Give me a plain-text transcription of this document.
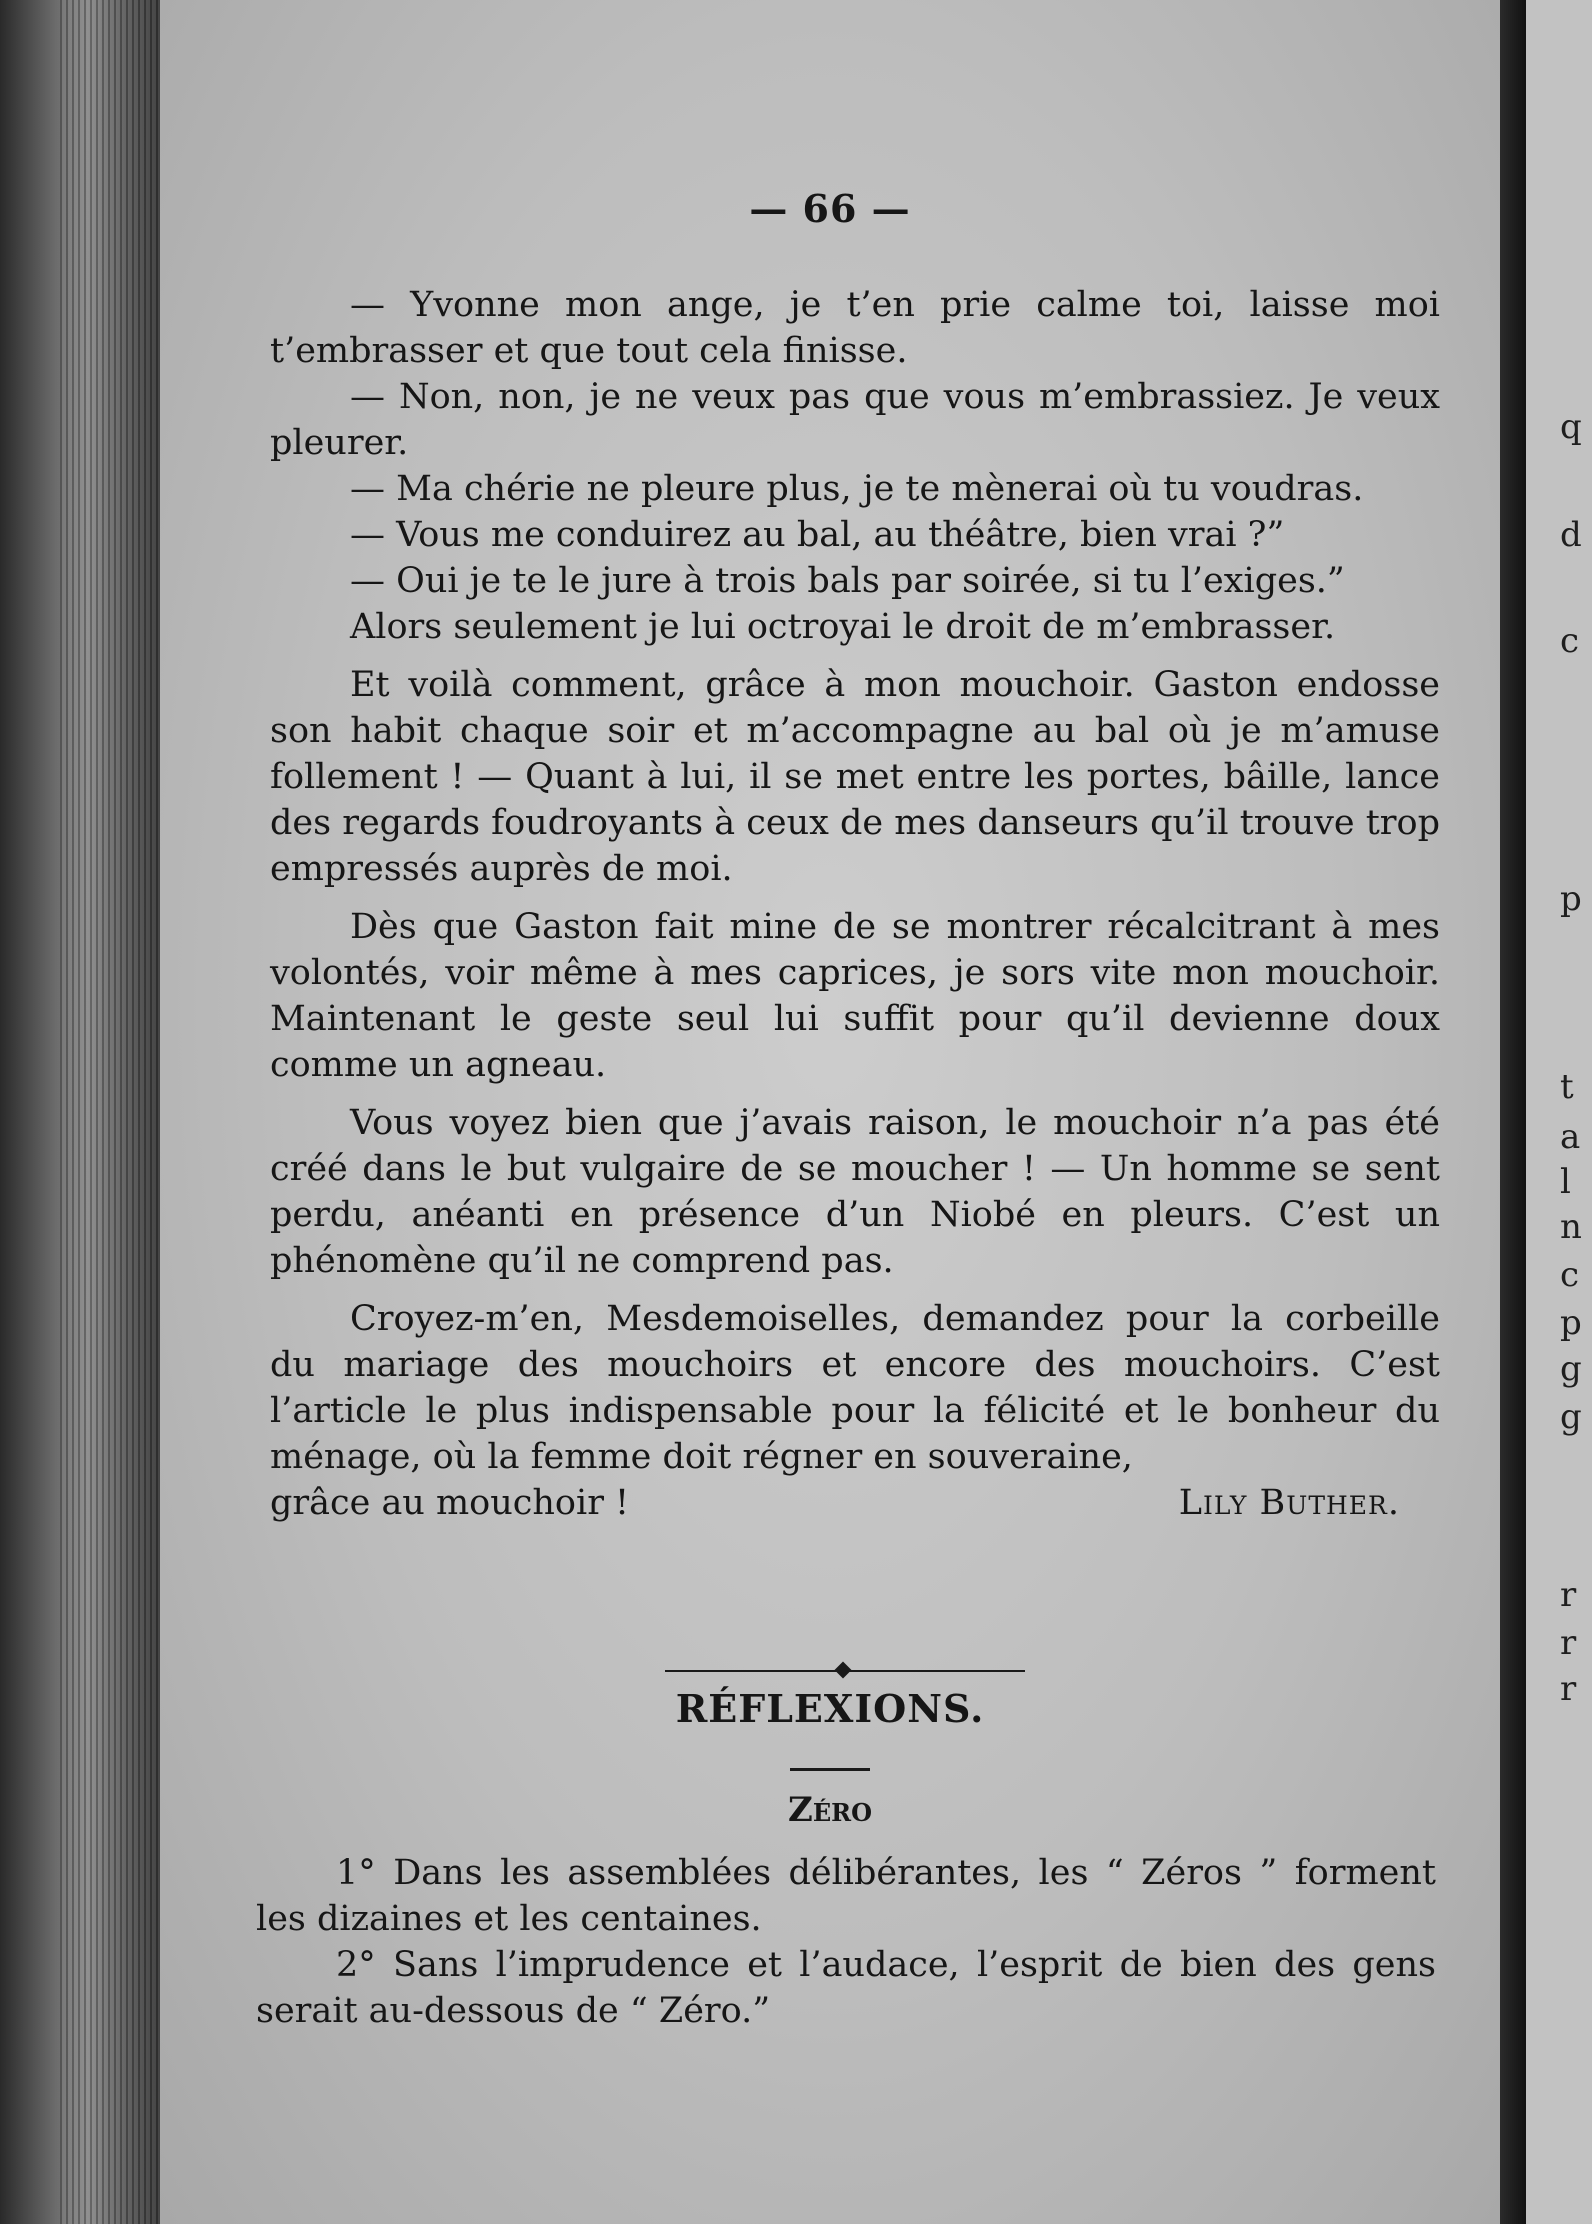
— 66 —

— Yvonne mon ange, je t’en prie calme toi, laisse moi t’embrasser et que tout cela finisse.

— Non, non, je ne veux pas que vous m’embrassiez. Je veux pleurer.

— Ma chérie ne pleure plus, je te mènerai où tu voudras.

— Vous me conduirez au bal, au théâtre, bien vrai ?”

— Oui je te le jure à trois bals par soirée, si tu l’exiges.”

Alors seulement je lui octroyai le droit de m’embrasser.

Et voilà comment, grâce à mon mouchoir. Gaston endosse son habit chaque soir et m’accompagne au bal où je m’amuse follement ! — Quant à lui, il se met entre les portes, bâille, lance des regards foudroyants à ceux de mes danseurs qu’il trouve trop empressés auprès de moi.

Dès que Gaston fait mine de se montrer récalcitrant à mes volontés, voir même à mes caprices, je sors vite mon mouchoir. Maintenant le geste seul lui suffit pour qu’il devienne doux comme un agneau.

Vous voyez bien que j’avais raison, le mouchoir n’a pas été créé dans le but vulgaire de se moucher ! — Un homme se sent perdu, anéanti en présence d’un Niobé en pleurs. C’est un phénomène qu’il ne comprend pas.

Croyez-m’en, Mesdemoiselles, demandez pour la corbeille du mariage des mouchoirs et encore des mouchoirs. C’est l’article le plus indispensable pour la félicité et le bonheur du ménage, où la femme doit régner en souveraine,

grâce au mouchoir !	Lily Buther.
RÉFLEXIONS.
Zéro

1° Dans les assemblées délibérantes, les “ Zéros ” forment les dizaines et les centaines.

2° Sans l’imprudence et l’audace, l’esprit de bien des gens serait au-dessous de “ Zéro.”

q
d
c
p
t
a
l
n
c
p
g
g
r
r
r
